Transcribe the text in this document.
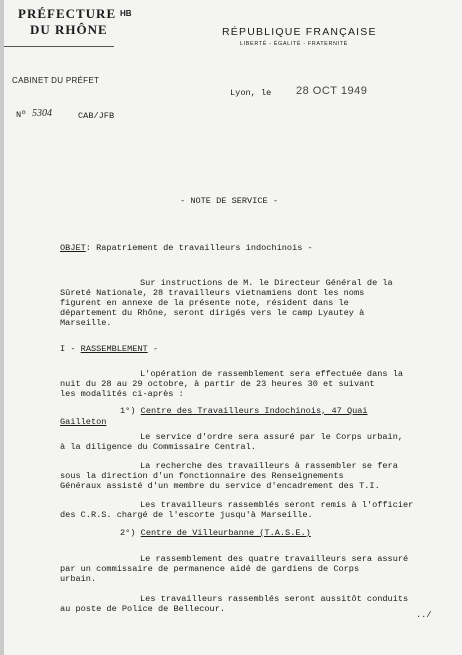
PRÉFECTURE
DU RHÔNE
HB
CABINET DU PRÉFET
Nº 5304	CAB/JFB
RÉPUBLIQUE FRANÇAISE
LIBERTÉ - ÉGALITÉ - FRATERNITÉ
Lyon, le 28 OCT 1949
- NOTE DE SERVICE -
OBJET: Rapatriement de travailleurs indochinois -
Sur instructions de M. le Directeur Général de la
Sûreté Nationale, 28 travailleurs vietnamiens dont les noms
figurent en annexe de la présente note, résident dans le
département du Rhône, seront dirigés vers le camp Lyautey à
Marseille.
I - RASSEMBLEMENT -
L'opération de rassemblement sera effectuée dans la
nuit du 28 au 29 octobre, à partir de 23 heures 30 et suivant
les modalités ci-après :
1°) Centre des Travailleurs Indochinois, 47 Quai
Gailleton
Le service d'ordre sera assuré par le Corps urbain,
à la diligence du Commissaire Central.
La recherche des travailleurs à rassembler se fera
sous la direction d'un fonctionnaire des Renseignements
Généraux assisté d'un membre du service d'encadrement des T.I.
Les travailleurs rassemblés seront remis à l'officier
des C.R.S. chargé de l'escorte jusqu'à Marseille.
2°) Centre de Villeurbanne (T.A.S.E.)
Le rassemblement des quatre travailleurs sera assuré
par un commissaire de permanence aidé de gardiens de Corps
urbain.
Les travailleurs rassemblés seront aussitôt conduits
au poste de Police de Bellecour.
../
